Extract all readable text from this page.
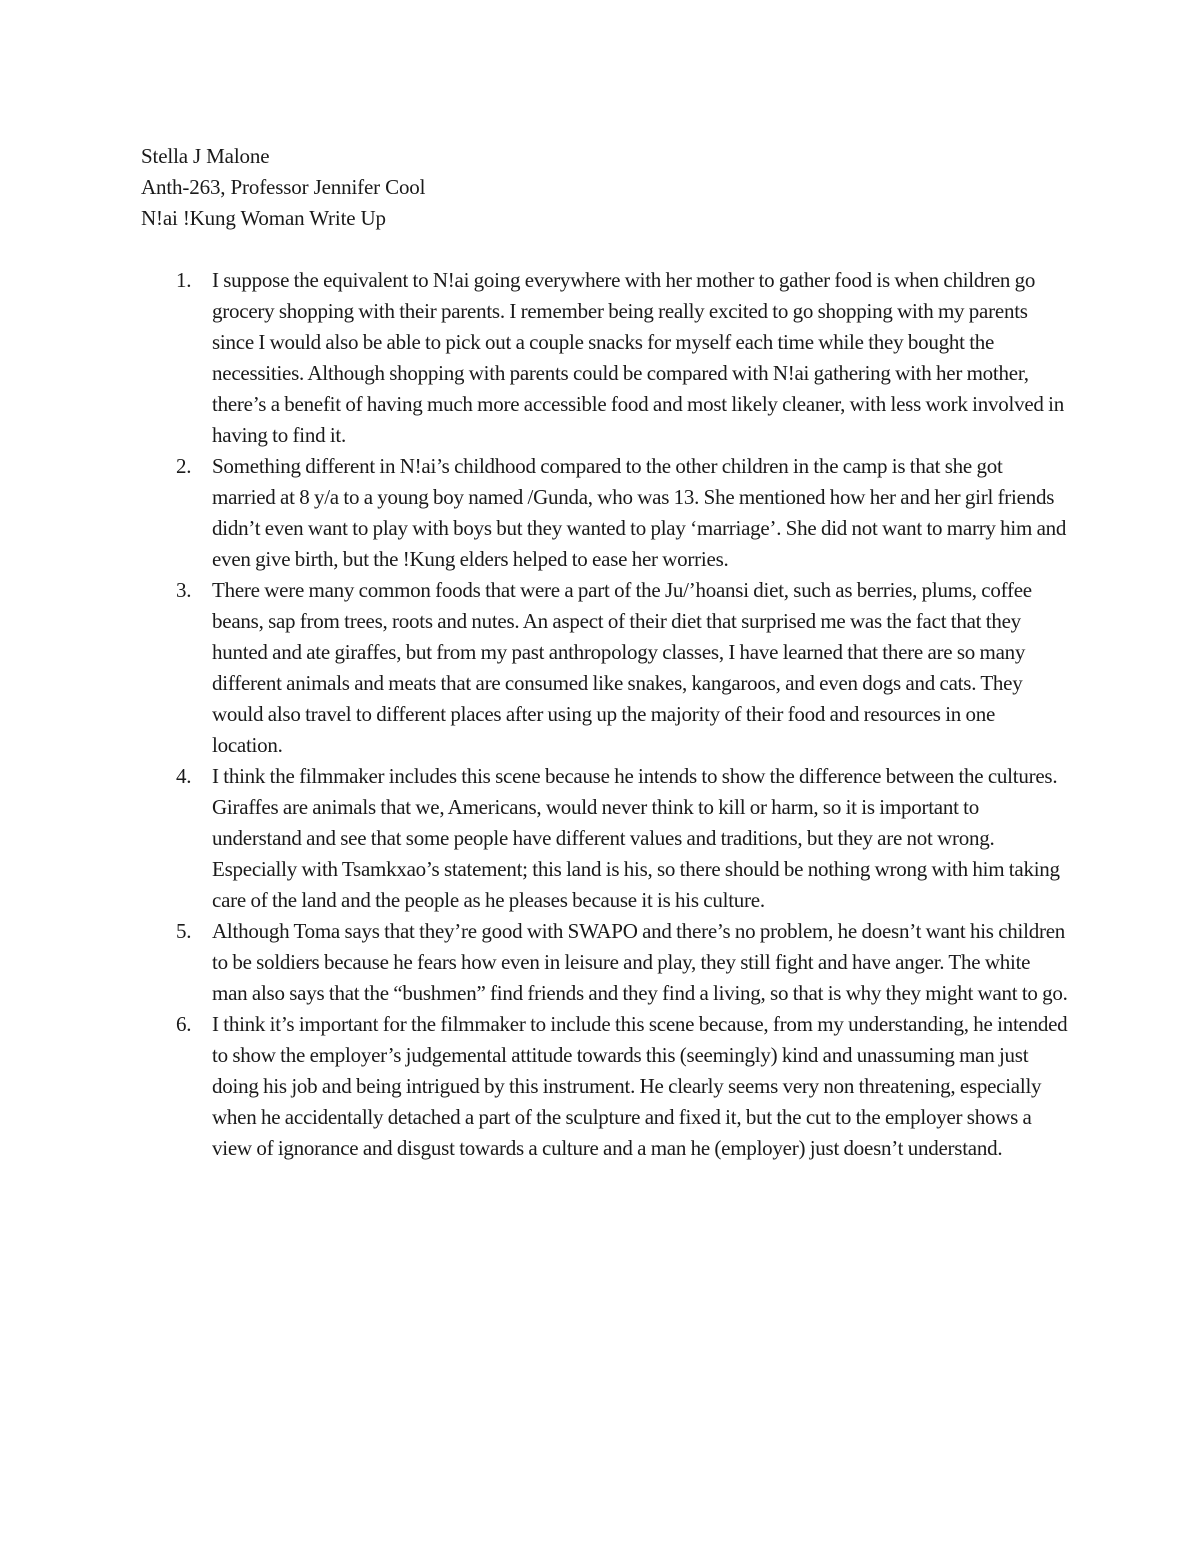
Stella J Malone
Anth-263, Professor Jennifer Cool
N!ai !Kung Woman Write Up
1. I suppose the equivalent to N!ai going everywhere with her mother to gather food is when children go grocery shopping with their parents. I remember being really excited to go shopping with my parents since I would also be able to pick out a couple snacks for myself each time while they bought the necessities. Although shopping with parents could be compared with N!ai gathering with her mother, there’s a benefit of having much more accessible food and most likely cleaner, with less work involved in having to find it.
2. Something different in N!ai’s childhood compared to the other children in the camp is that she got married at 8 y/a to a young boy named /Gunda, who was 13. She mentioned how her and her girl friends didn’t even want to play with boys but they wanted to play ‘marriage’. She did not want to marry him and even give birth, but the !Kung elders helped to ease her worries.
3. There were many common foods that were a part of the Ju/’hoansi diet, such as berries, plums, coffee beans, sap from trees, roots and nutes. An aspect of their diet that surprised me was the fact that they hunted and ate giraffes, but from my past anthropology classes, I have learned that there are so many different animals and meats that are consumed like snakes, kangaroos, and even dogs and cats. They would also travel to different places after using up the majority of their food and resources in one location.
4. I think the filmmaker includes this scene because he intends to show the difference between the cultures. Giraffes are animals that we, Americans, would never think to kill or harm, so it is important to understand and see that some people have different values and traditions, but they are not wrong. Especially with Tsamkxao’s statement; this land is his, so there should be nothing wrong with him taking care of the land and the people as he pleases because it is his culture.
5. Although Toma says that they’re good with SWAPO and there’s no problem, he doesn’t want his children to be soldiers because he fears how even in leisure and play, they still fight and have anger. The white man also says that the “bushmen” find friends and they find a living, so that is why they might want to go.
6. I think it’s important for the filmmaker to include this scene because, from my understanding, he intended to show the employer’s judgemental attitude towards this (seemingly) kind and unassuming man just doing his job and being intrigued by this instrument. He clearly seems very non threatening, especially when he accidentally detached a part of the sculpture and fixed it, but the cut to the employer shows a view of ignorance and disgust towards a culture and a man he (employer) just doesn’t understand.
